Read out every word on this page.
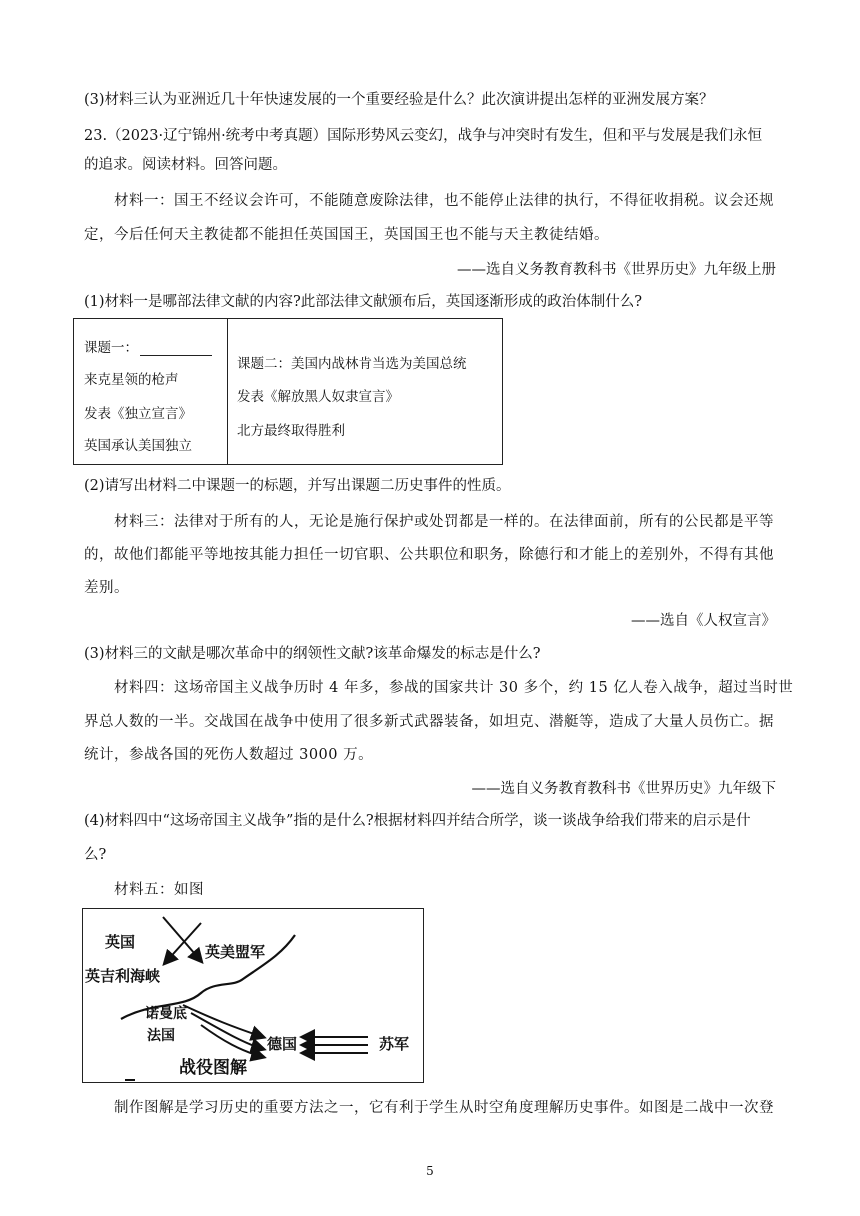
(3)材料三认为亚洲近几十年快速发展的一个重要经验是什么？此次演讲提出怎样的亚洲发展方案？
23.（2023·辽宁锦州·统考中考真题）国际形势风云变幻，战争与冲突时有发生，但和平与发展是我们永恒
的追求。阅读材料。回答问题。
材料一：国王不经议会许可，不能随意废除法律，也不能停止法律的执行，不得征收捐税。议会还规
定，今后任何天主教徒都不能担任英国国王，英国国王也不能与天主教徒结婚。
——选自义务教育教科书《世界历史》九年级上册
(1)材料一是哪部法律文献的内容?此部法律文献颁布后，英国逐渐形成的政治体制什么?
课题一：
来克星领的枪声
发表《独立宣言》
英国承认美国独立
课题二：美国内战林肯当选为美国总统
发表《解放黑人奴隶宣言》
北方最终取得胜利
(2)请写出材料二中课题一的标题，并写出课题二历史事件的性质。
材料三：法律对于所有的人，无论是施行保护或处罚都是一样的。在法律面前，所有的公民都是平等
的，故他们都能平等地按其能力担任一切官职、公共职位和职务，除德行和才能上的差别外，不得有其他
差别。
——选自《人权宣言》
(3)材料三的文献是哪次革命中的纲领性文献?该革命爆发的标志是什么?
材料四：这场帝国主义战争历时 4 年多，参战的国家共计 30 多个，约 15 亿人卷入战争，超过当时世
界总人数的一半。交战国在战争中使用了很多新式武器装备，如坦克、潜艇等，造成了大量人员伤亡。据
统计，参战各国的死伤人数超过 3000 万。
——选自义务教育教科书《世界历史》九年级下
(4)材料四中“这场帝国主义战争”指的是什么?根据材料四并结合所学，谈一谈战争给我们带来的启示是什
么?
材料五：如图
英国
英美盟军
英吉利海峡
诺曼底
法国	德国	苏军
战役图解
制作图解是学习历史的重要方法之一，它有利于学生从时空角度理解历史事件。如图是二战中一次登
5
